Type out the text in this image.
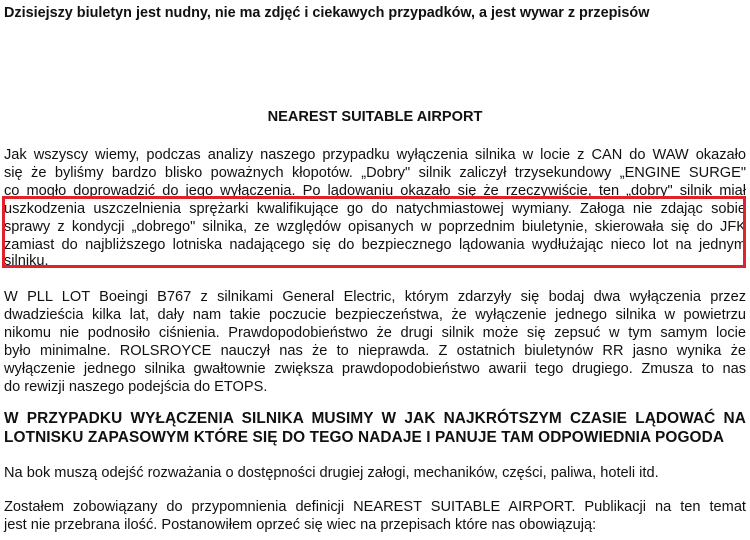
Dzisiejszy biuletyn jest nudny, nie ma zdjęć i ciekawych przypadków, a jest wywar z przepisów
NEAREST SUITABLE AIRPORT
Jak wszyscy wiemy, podczas analizy naszego przypadku wyłączenia silnika w locie z CAN do WAW okazało
się że byliśmy bardzo blisko poważnych kłopotów. „Dobry" silnik zaliczył trzysekundowy „ENGINE SURGE"
co mogło doprowadzić do jego wyłączenia. Po lądowaniu okazało się że rzeczywiście, ten „dobry" silnik miał
uszkodzenia uszczelnienia sprężarki kwalifikujące go do natychmiastowej wymiany. Załoga nie zdając sobie
sprawy z kondycji „dobrego" silnika, ze względów opisanych w poprzednim biuletynie, skierowała się do JFK
zamiast do najbliższego lotniska nadającego się do bezpiecznego lądowania wydłużając nieco lot na jednym
silniku.
W PLL LOT Boeingi B767 z silnikami General Electric, którym zdarzyły się bodaj dwa wyłączenia przez
dwadzieścia kilka lat, dały nam takie poczucie bezpieczeństwa, że wyłączenie jednego silnika w powietrzu
nikomu nie podnosiło ciśnienia. Prawdopodobieństwo że drugi silnik może się zepsuć w tym samym locie
było minimalne. ROLSROYCE nauczył nas że to nieprawda. Z ostatnich biuletynów RR jasno wynika że
wyłączenie jednego silnika gwałtownie zwiększa prawdopodobieństwo awarii tego drugiego. Zmusza to nas
do rewizji naszego podejścia do ETOPS.
W PRZYPADKU WYŁĄCZENIA SILNIKA MUSIMY W JAK NAJKRÓTSZYM CZASIE LĄDOWAĆ NA
LOTNISKU ZAPASOWYM KTÓRE SIĘ DO TEGO NADAJE I PANUJE TAM ODPOWIEDNIA POGODA
Na bok muszą odejść rozważania o dostępności drugiej załogi, mechaników, części, paliwa, hoteli itd.
Zostałem zobowiązany do przypomnienia definicji NEAREST SUITABLE AIRPORT. Publikacji na ten temat
jest nie przebrana ilość. Postanowiłem oprzeć się wiec na przepisach które nas obowiązują:
